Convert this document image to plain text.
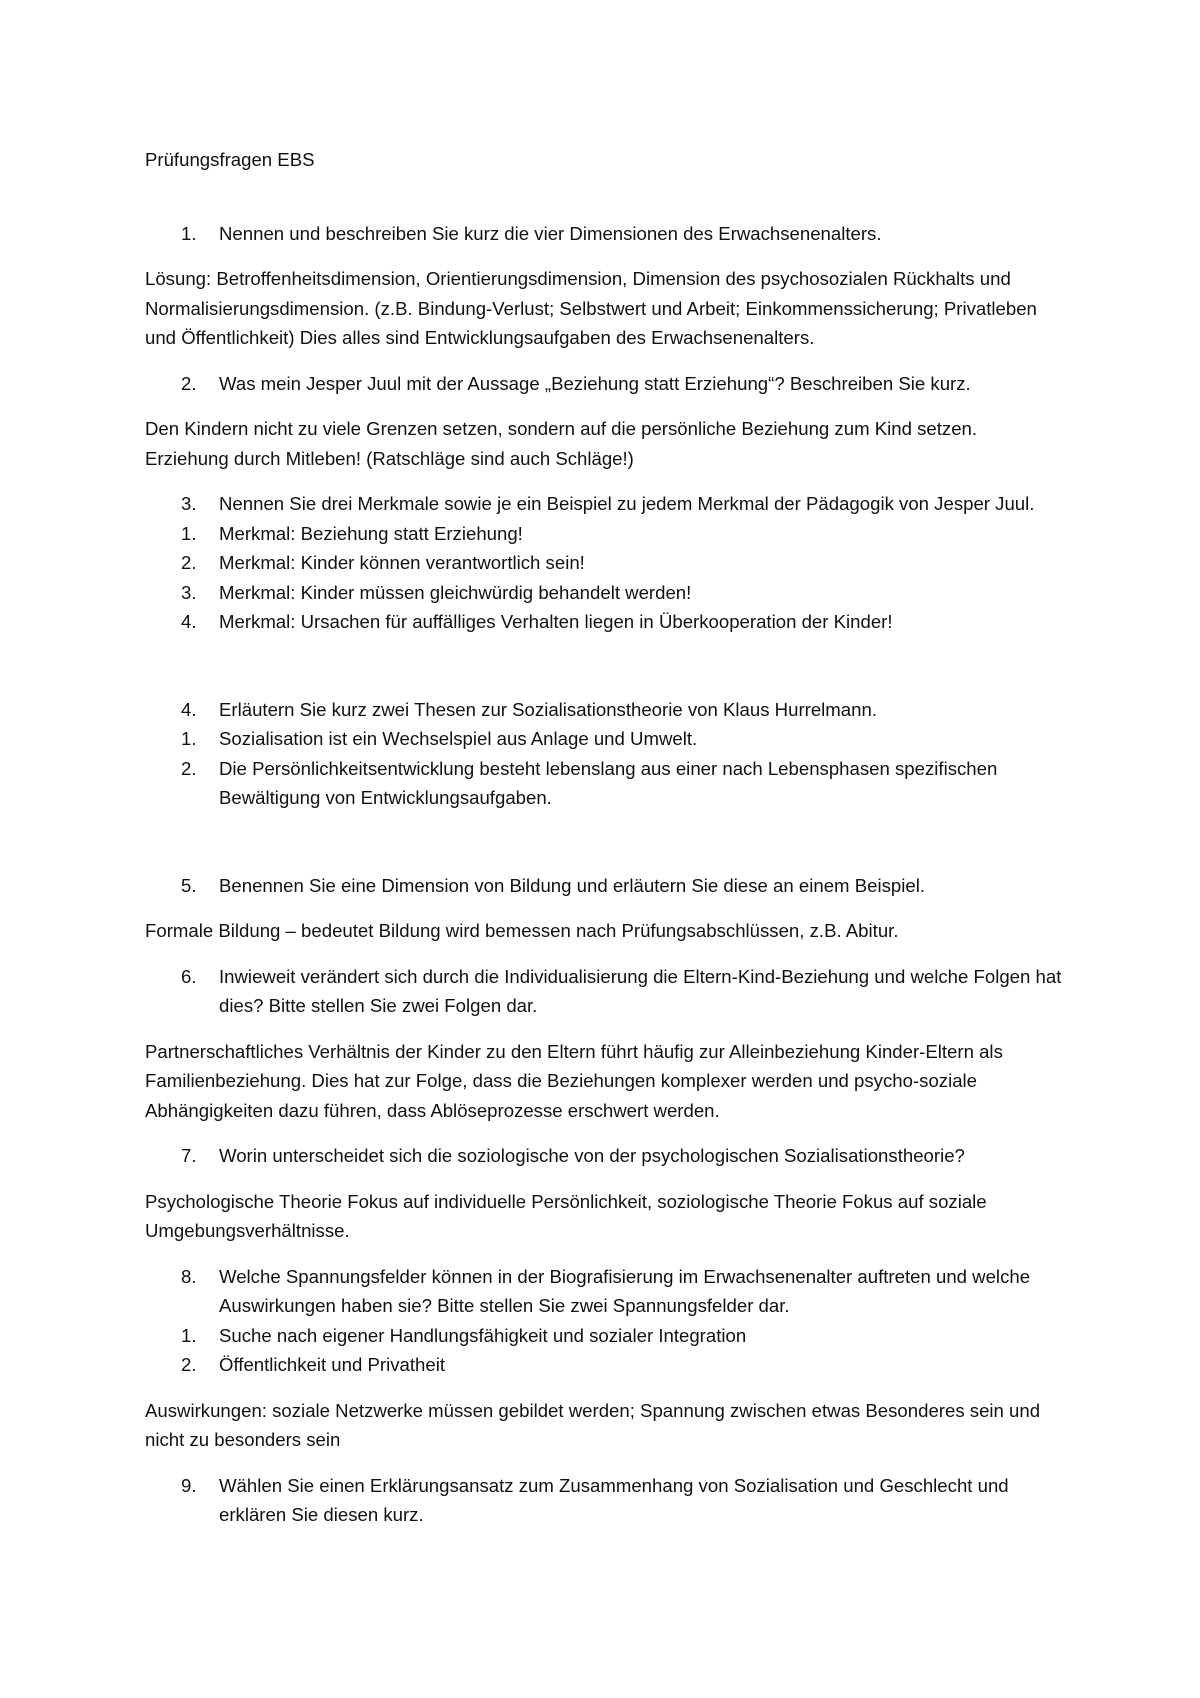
Prüfungsfragen EBS
1.	Nennen und beschreiben Sie kurz die vier Dimensionen des Erwachsenenalters.
Lösung: Betroffenheitsdimension, Orientierungsdimension, Dimension des psychosozialen Rückhalts und Normalisierungsdimension. (z.B. Bindung-Verlust; Selbstwert und Arbeit; Einkommenssicherung; Privatleben und Öffentlichkeit) Dies alles sind Entwicklungsaufgaben des Erwachsenenalters.
2.	Was mein Jesper Juul mit der Aussage „Beziehung statt Erziehung“? Beschreiben Sie kurz.
Den Kindern nicht zu viele Grenzen setzen, sondern auf die persönliche Beziehung zum Kind setzen. Erziehung durch Mitleben! (Ratschläge sind auch Schläge!)
3.	Nennen Sie drei Merkmale sowie je ein Beispiel zu jedem Merkmal der Pädagogik von Jesper Juul.
1.	Merkmal: Beziehung statt Erziehung!
2.	Merkmal: Kinder können verantwortlich sein!
3.	Merkmal: Kinder müssen gleichwürdig behandelt werden!
4.	Merkmal: Ursachen für auffälliges Verhalten liegen in Überkooperation der Kinder!
4.	Erläutern Sie kurz zwei Thesen zur Sozialisationstheorie von Klaus Hurrelmann.
1.	Sozialisation ist ein Wechselspiel aus Anlage und Umwelt.
2.	Die Persönlichkeitsentwicklung besteht lebenslang aus einer nach Lebensphasen spezifischen Bewältigung von Entwicklungsaufgaben.
5.	Benennen Sie eine Dimension von Bildung und erläutern Sie diese an einem Beispiel.
Formale Bildung – bedeutet Bildung wird bemessen nach Prüfungsabschlüssen, z.B. Abitur.
6.	Inwieweit verändert sich durch die Individualisierung die Eltern-Kind-Beziehung und welche Folgen hat dies? Bitte stellen Sie zwei Folgen dar.
Partnerschaftliches Verhältnis der Kinder zu den Eltern führt häufig zur Alleinbeziehung Kinder-Eltern als Familienbeziehung. Dies hat zur Folge, dass die Beziehungen komplexer werden und psycho-soziale Abhängigkeiten dazu führen, dass Ablöseprozesse erschwert werden.
7.	Worin unterscheidet sich die soziologische von der psychologischen Sozialisationstheorie?
Psychologische Theorie Fokus auf individuelle Persönlichkeit, soziologische Theorie Fokus auf soziale Umgebungsverhältnisse.
8.	Welche Spannungsfelder können in der Biografisierung im Erwachsenenalter auftreten und welche Auswirkungen haben sie? Bitte stellen Sie zwei Spannungsfelder dar.
1.	Suche nach eigener Handlungsfähigkeit und sozialer Integration
2.	Öffentlichkeit und Privatheit
Auswirkungen: soziale Netzwerke müssen gebildet werden; Spannung zwischen etwas Besonderes sein und nicht zu besonders sein
9.	Wählen Sie einen Erklärungsansatz zum Zusammenhang von Sozialisation und Geschlecht und erklären Sie diesen kurz.
